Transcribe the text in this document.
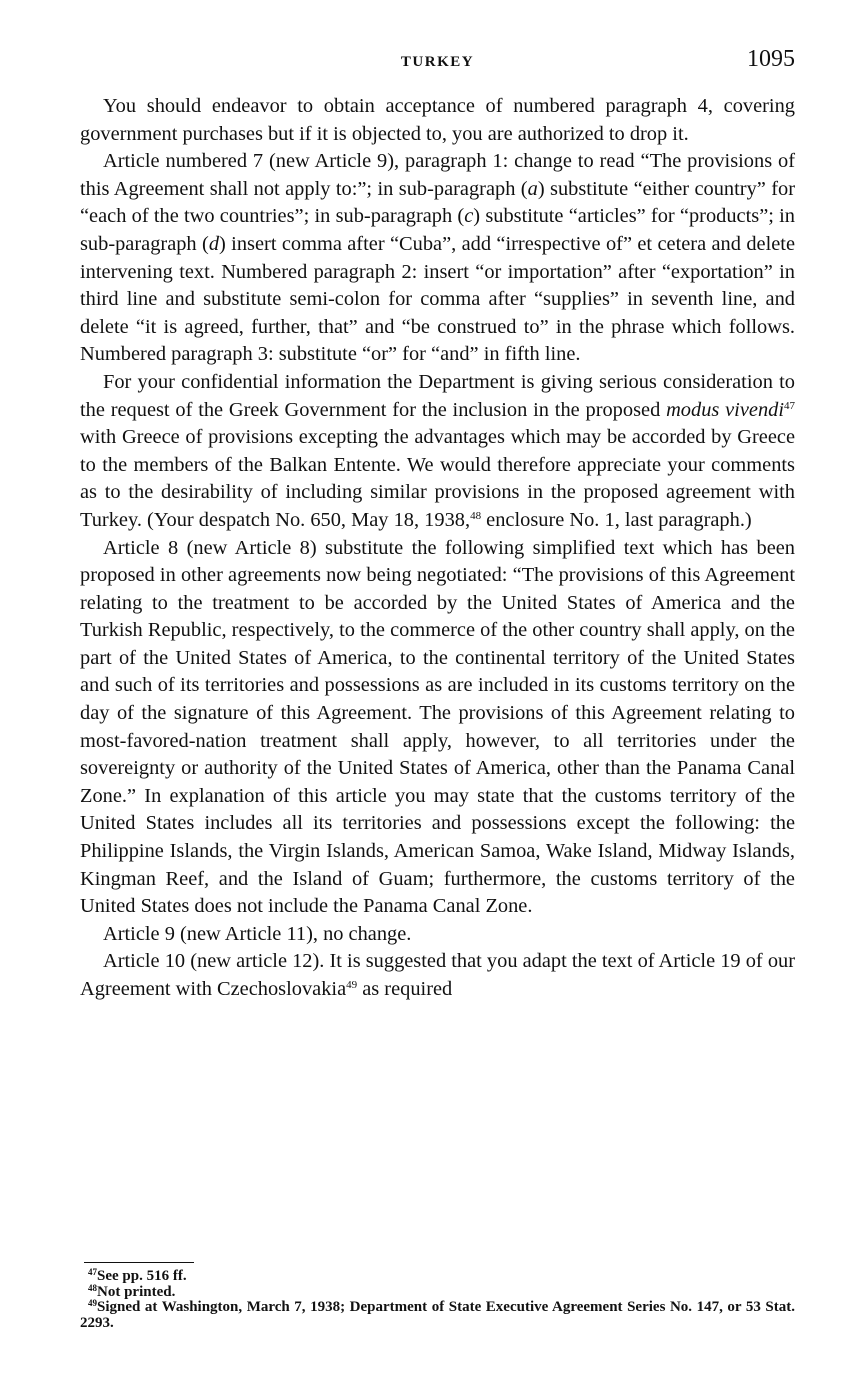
TURKEY	1095

You should endeavor to obtain acceptance of numbered paragraph 4, covering government purchases but if it is objected to, you are authorized to drop it.

Article numbered 7 (new Article 9), paragraph 1: change to read “The provisions of this Agreement shall not apply to:”; in sub-paragraph (a) substitute “either country” for “each of the two countries”; in sub-paragraph (c) substitute “articles” for “products”; in sub-paragraph (d) insert comma after “Cuba”, add “irrespective of” et cetera and delete intervening text. Numbered paragraph 2: insert “or importation” after “exportation” in third line and substitute semi-colon for comma after “supplies” in seventh line, and delete “it is agreed, further, that” and “be construed to” in the phrase which follows. Numbered paragraph 3: substitute “or” for “and” in fifth line.

For your confidential information the Department is giving serious consideration to the request of the Greek Government for the inclusion in the proposed modus vivendi$^{47}$ with Greece of provisions excepting the advantages which may be accorded by Greece to the members of the Balkan Entente. We would therefore appreciate your comments as to the desirability of including similar provisions in the proposed agreement with Turkey. (Your despatch No. 650, May 18, 1938,48 enclosure No. 1, last paragraph.)

Article 8 (new Article 8) substitute the following simplified text which has been proposed in other agreements now being negotiated: “The provisions of this Agreement relating to the treatment to be accorded by the United States of America and the Turkish Republic, respectively, to the commerce of the other country shall apply, on the part of the United States of America, to the continental territory of the United States and such of its territories and possessions as are included in its customs territory on the day of the signature of this Agreement. The provisions of this Agreement relating to most-favored-nation treatment shall apply, however, to all territories under the sovereignty or authority of the United States of America, other than the Panama Canal Zone.” In explanation of this article you may state that the customs territory of the United States includes all its territories and possessions except the following: the Philippine Islands, the Virgin Islands, American Samoa, Wake Island, Midway Islands, Kingman Reef, and the Island of Guam; furthermore, the customs territory of the United States does not include the Panama Canal Zone.

Article 9 (new Article 11), no change.

Article 10 (new article 12). It is suggested that you adapt the text of Article 19 of our Agreement with Czechoslovakia$^{49}$ as required

$^{47}$See pp. 516 ff.

$^{48}$Not printed.

$^{49}$Signed at Washington, March 7, 1938; Department of State Executive Agreement Series No. 147, or 53 Stat. 2293.
